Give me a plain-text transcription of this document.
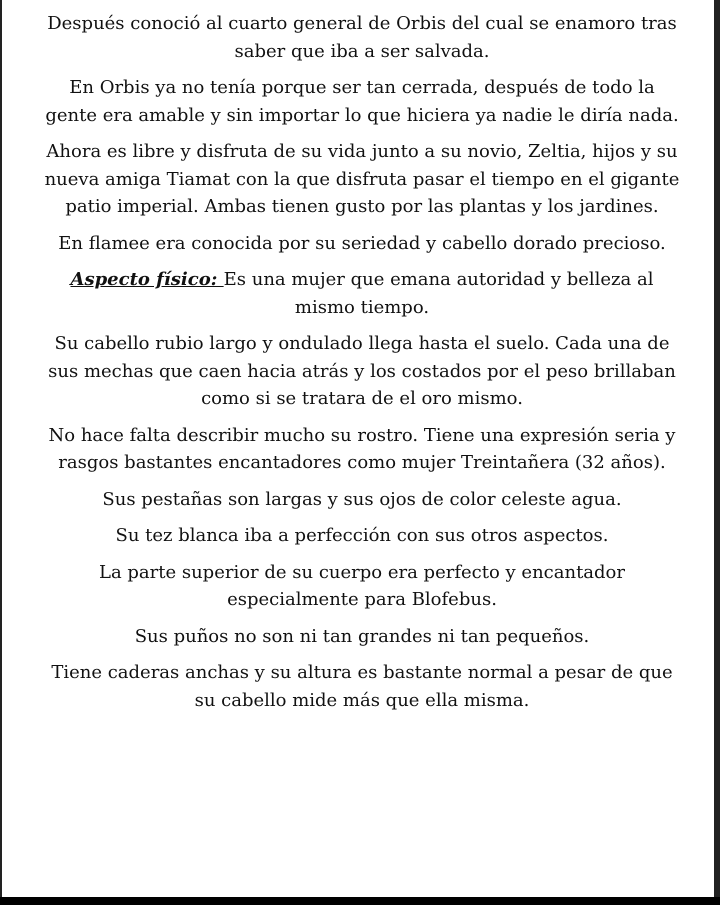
Después conoció al cuarto general de Orbis del cual se enamoro tras saber que iba a ser salvada.

En Orbis ya no tenía porque ser tan cerrada, después de todo la gente era amable y sin importar lo que hiciera ya nadie le diría nada.

Ahora es libre y disfruta de su vida junto a su novio, Zeltia, hijos y su nueva amiga Tiamat con la que disfruta pasar el tiempo en el gigante patio imperial. Ambas tienen gusto por las plantas y los jardines.

En flamee era conocida por su seriedad y cabello dorado precioso.

Aspecto físico: Es una mujer que emana autoridad y belleza al mismo tiempo.

Su cabello rubio largo y ondulado llega hasta el suelo. Cada una de sus mechas que caen hacia atrás y los costados por el peso brillaban como si se tratara de el oro mismo.

No hace falta describir mucho su rostro. Tiene una expresión seria y rasgos bastantes encantadores como mujer Treintañera (32 años).

Sus pestañas son largas y sus ojos de color celeste agua.

Su tez blanca iba a perfección con sus otros aspectos.

La parte superior de su cuerpo era perfecto y encantador especialmente para Blofebus.

Sus puños no son ni tan grandes ni tan pequeños.

Tiene caderas anchas y su altura es bastante normal a pesar de que su cabello mide más que ella misma.
